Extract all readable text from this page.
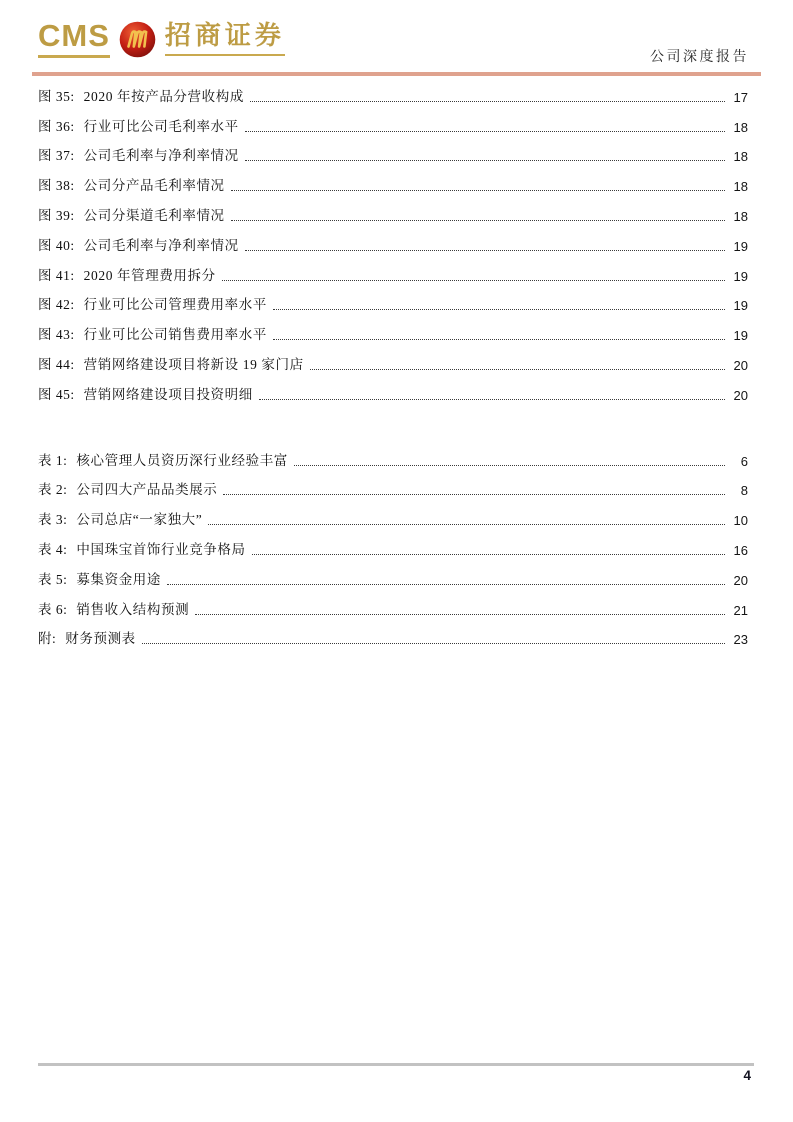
CMS 招商证券
公司深度报告
图 35: 2020 年按产品分营收构成	17
图 36: 行业可比公司毛利率水平	18
图 37: 公司毛利率与净利率情况	18
图 38: 公司分产品毛利率情况	18
图 39: 公司分渠道毛利率情况	18
图 40: 公司毛利率与净利率情况	19
图 41: 2020 年管理费用拆分	19
图 42: 行业可比公司管理费用率水平	19
图 43: 行业可比公司销售费用率水平	19
图 44: 营销网络建设项目将新设 19 家门店	20
图 45: 营销网络建设项目投资明细	20
表 1: 核心管理人员资历深行业经验丰富	6
表 2: 公司四大产品品类展示	8
表 3: 公司总店“一家独大”	10
表 4: 中国珠宝首饰行业竞争格局	16
表 5: 募集资金用途	20
表 6: 销售收入结构预测	21
附: 财务预测表	23
4
